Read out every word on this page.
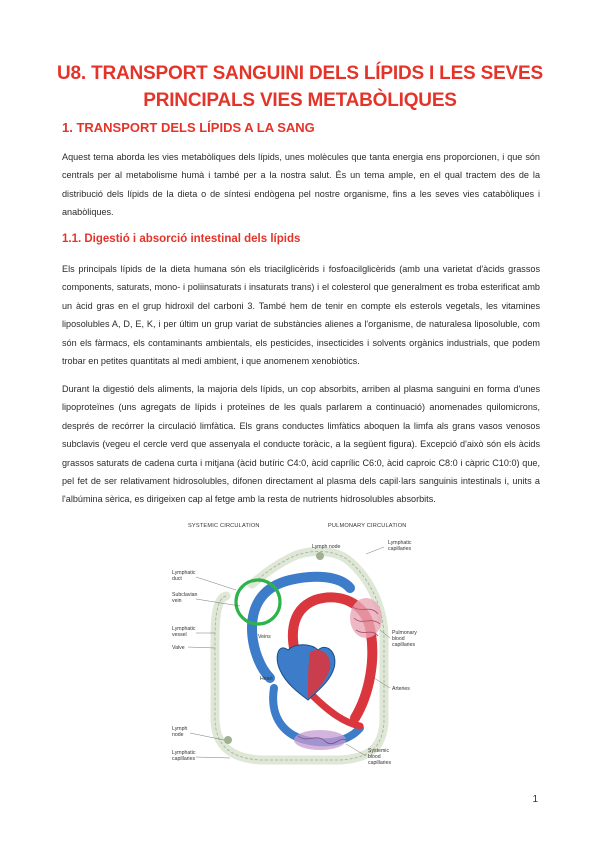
U8. TRANSPORT SANGUINI DELS LÍPIDS I LES SEVES PRINCIPALS VIES METABÒLIQUES
1. TRANSPORT DELS LÍPIDS A LA SANG
Aquest tema aborda les vies metabòliques dels lípids, unes molècules que tanta energia ens proporcionen, i que són centrals per al metabolisme humà i també per a la nostra salut. És un tema ample, en el qual tractem des de la distribució dels lípids de la dieta o de síntesi endògena pel nostre organisme, fins a les seves vies catabòliques i anabòliques.
1.1. Digestió i absorció intestinal dels lípids
Els principals lípids de la dieta humana són els triacilglicèrids i fosfoacilglicèrids (amb una varietat d'àcids grassos components, saturats, mono- i poliinsaturats i insaturats trans) i el colesterol que generalment es troba esterificat amb un àcid gras en el grup hidroxil del carboni 3. També hem de tenir en compte els esterols vegetals, les vitamines liposolubles A, D, E, K, i per últim un grup variat de substàncies alienes a l'organisme, de naturalesa liposoluble, com són els fàrmacs, els contaminants ambientals, els pesticides, insecticides i solvents orgànics industrials, que podem trobar en petites quantitats al medi ambient, i que anomenem xenobiòtics.
Durant la digestió dels aliments, la majoria dels lípids, un cop absorbits, arriben al plasma sanguini en forma d'unes lipoproteïnes (uns agregats de lípids i proteïnes de les quals parlarem a continuació) anomenades quilomicrons, després de recórrer la circulació limfàtica. Els grans conductes limfàtics aboquen la limfa als grans vasos venosos subclavis (vegeu el cercle verd que assenyala el conducte toràcic, a la següent figura). Excepció d'això són els àcids grassos saturats de cadena curta i mitjana (àcid butíric C4:0, àcid caprílic C6:0, àcid caproic C8:0 i càpric C10:0) que, pel fet de ser relativament hidrosolubles, difonen directament al plasma dels capil·lars sanguinis intestinals i, units a l'albúmina sèrica, es dirigeixen cap al fetge amb la resta de nutrients hidrosolubles absorbits.
SYSTEMIC CIRCULATION	PULMONARY CIRCULATION
Lymphatic
duct
Subclavian
vein
Lymphatic
vessel
Valve
Lymph
node
Lymphatic
capillaries
Veins
Heart
Lymph node
Lymphatic
capillaries
Pulmonary
blood
capillaries
Arteries
Systemic
blood
capillaries
1
